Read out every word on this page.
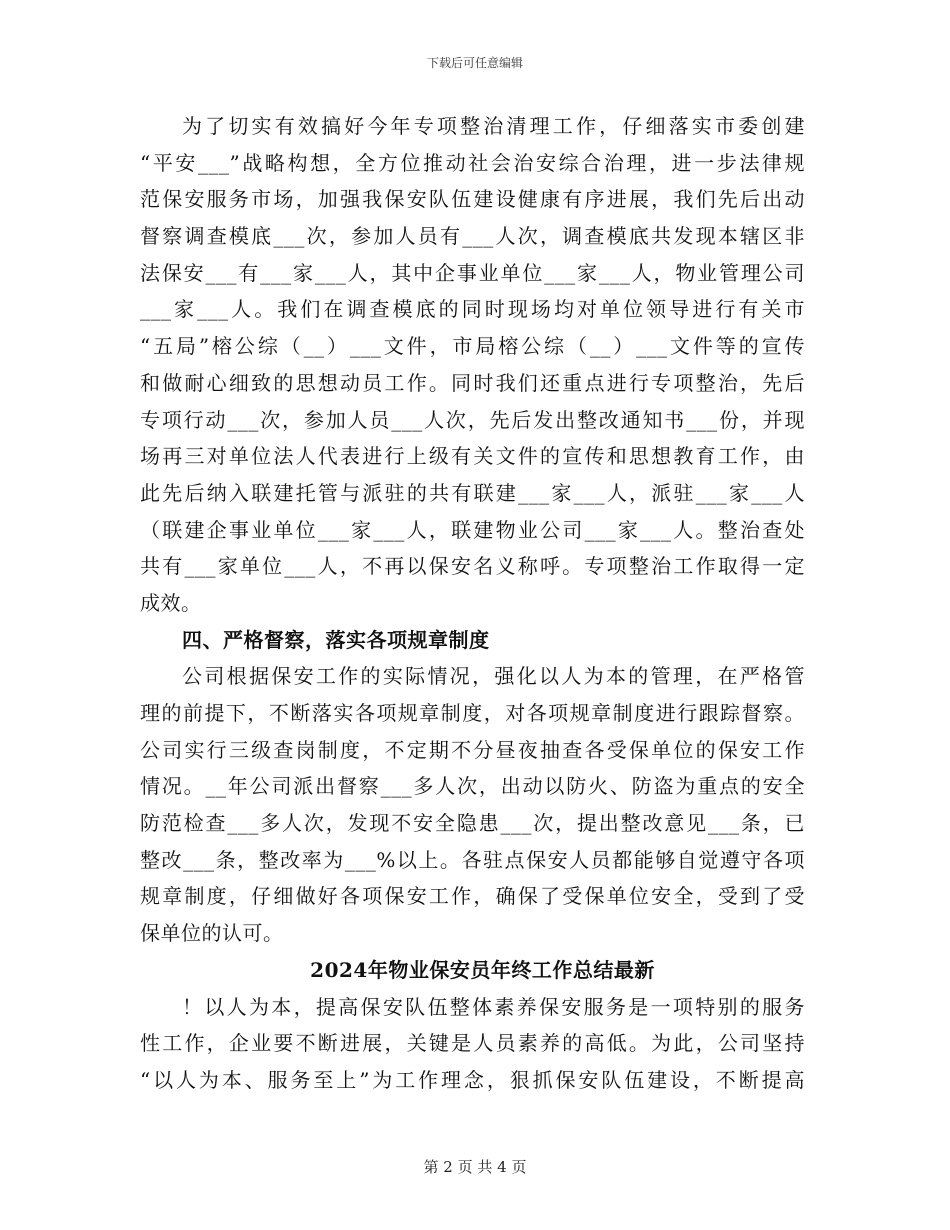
下载后可任意编辑
为了切实有效搞好今年专项整治清理工作，仔细落实市委创建
“平安___”战略构想，全方位推动社会治安综合治理，进一步法律规
范保安服务市场，加强我保安队伍建设健康有序进展，我们先后出动
督察调查模底___次，参加人员有___人次，调查模底共发现本辖区非
法保安___有___家___人，其中企事业单位___家___人，物业管理公司
___家___人。我们在调查模底的同时现场均对单位领导进行有关市
“五局”榕公综（__）___文件，市局榕公综（__）___文件等的宣传
和做耐心细致的思想动员工作。同时我们还重点进行专项整治，先后
专项行动___次，参加人员___人次，先后发出整改通知书___份，并现
场再三对单位法人代表进行上级有关文件的宣传和思想教育工作，由
此先后纳入联建托管与派驻的共有联建___家___人，派驻___家___人
（联建企事业单位___家___人，联建物业公司___家___人。整治查处
共有___家单位___人，不再以保安名义称呼。专项整治工作取得一定
成效。
四、严格督察，落实各项规章制度
公司根据保安工作的实际情况，强化以人为本的管理，在严格管
理的前提下，不断落实各项规章制度，对各项规章制度进行跟踪督察。
公司实行三级查岗制度，不定期不分昼夜抽查各受保单位的保安工作
情况。__年公司派出督察___多人次，出动以防火、防盗为重点的安全
防范检查___多人次，发现不安全隐患___次，提出整改意见___条，已
整改___条，整改率为___%以上。各驻点保安人员都能够自觉遵守各项
规章制度，仔细做好各项保安工作，确保了受保单位安全，受到了受
保单位的认可。
2024年物业保安员年终工作总结最新
！以人为本，提高保安队伍整体素养保安服务是一项特别的服务
性工作，企业要不断进展，关键是人员素养的高低。为此，公司坚持
“以人为本、服务至上”为工作理念，狠抓保安队伍建设，不断提高
第 2 页 共 4 页
